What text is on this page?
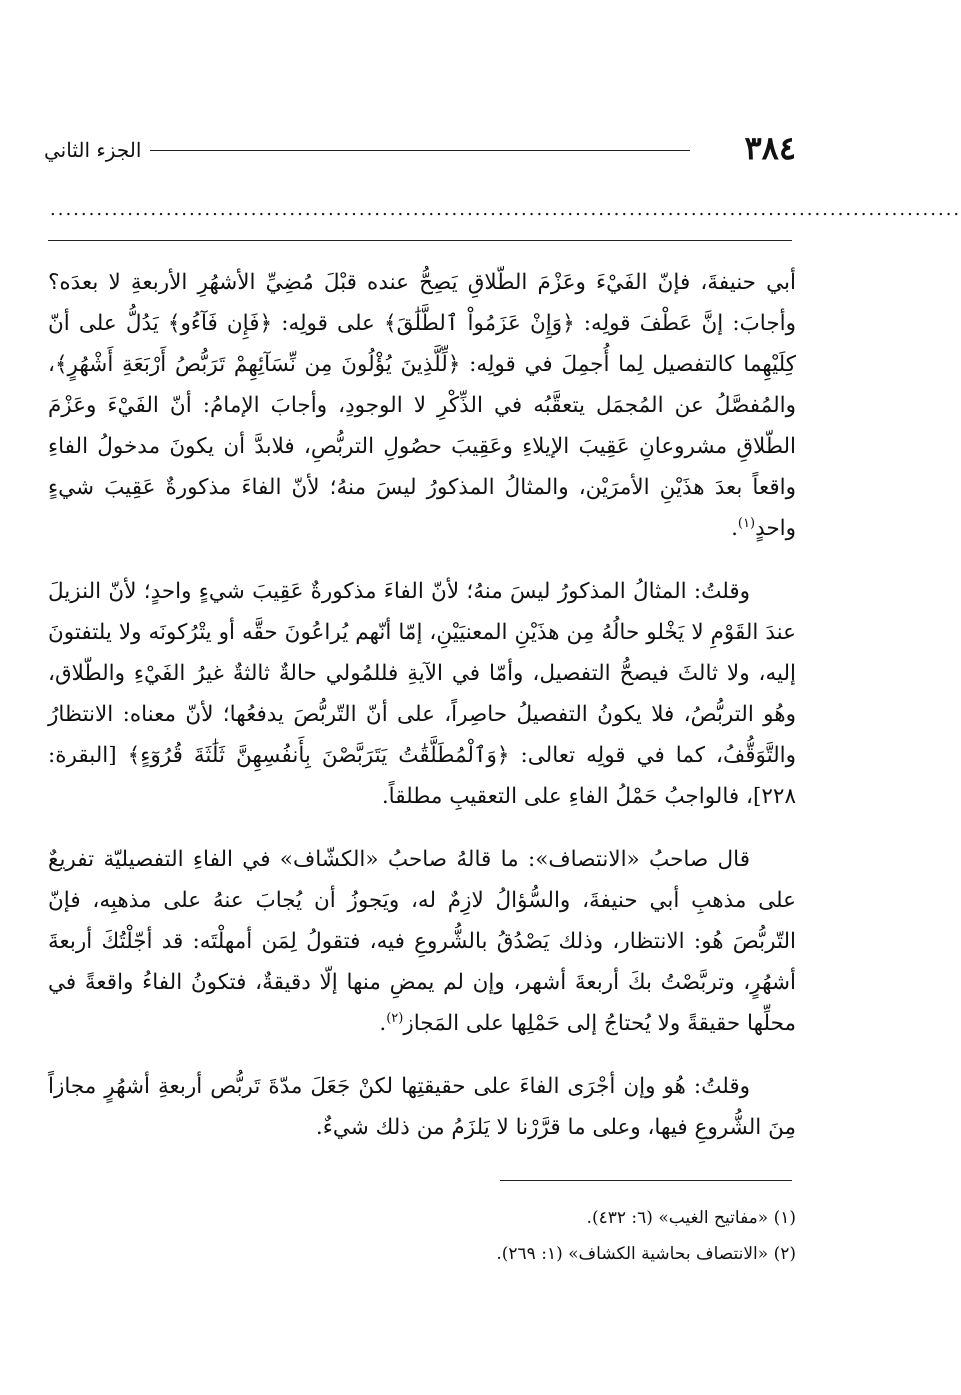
٣٨٤
الجزء الثاني
......................................................................................................................

أبي حنيفةَ، فإنّ الفَيْءَ وعَزْمَ الطّلاقِ يَصِحُّ عنده قبْلَ مُضِيِّ الأشهُرِ الأربعةِ لا بعدَه؟ وأجابَ: إنَّ عَطْفَ قولِه: ﴿وَإِنْ عَزَمُواْ ٱلطَّلَٰقَ﴾ على قولِه: ﴿فَإِن فَآءُو﴾ يَدُلُّ على أنّ كِلَيْهِما كالتفصيل لِما أُجمِلَ في قولِه: ﴿لِّلَّذِينَ يُؤْلُونَ مِن نِّسَآئِهِمْ تَرَبُّصُ أَرْبَعَةِ أَشْهُرٍ﴾، والمُفصَّلُ عن المُجمَل يتعقَّبُه في الذِّكْرِ لا الوجودِ، وأجابَ الإمامُ: أنّ الفَيْءَ وعَزْمَ الطّلاقِ مشروعانِ عَقِيبَ الإيلاءِ وعَقِيبَ حصُولِ التربُّصِ، فلابدَّ أن يكونَ مدخولُ الفاءِ واقعاً بعدَ هذَيْنِ الأمرَيْن، والمثالُ المذكورُ ليسَ منهُ؛ لأنّ الفاءَ مذكورةٌ عَقِيبَ شيءٍ واحدٍ$^{(١)}$.

وقلتُ: المثالُ المذكورُ ليسَ منهُ؛ لأنّ الفاءَ مذكورةٌ عَقِيبَ شيءٍ واحدٍ؛ لأنّ النزيلَ عندَ القَوْمِ لا يَخْلو حالُهُ مِن هذَيْنِ المعنيَيْنِ، إمّا أنّهم يُراعُونَ حقَّه أو يتْرُكونَه ولا يلتفتونَ إليه، ولا ثالثَ فيصحُّ التفصيل، وأمّا في الآيةِ فللمُولي حالةٌ ثالثةٌ غيرُ الفَيْءِ والطّلاق، وهُو التربُّصُ، فلا يكونُ التفصيلُ حاصِراً، على أنّ التّربُّصَ يدفعُها؛ لأنّ معناه: الانتظارُ والتَّوَقُّفُ، كما في قولِه تعالى: ﴿وَٱلْمُطَلَّقَٰتُ يَتَرَبَّصْنَ بِأَنفُسِهِنَّ ثَلَٰثَةَ قُرُوٓءٍ﴾ [البقرة: ٢٢٨]، فالواجبُ حَمْلُ الفاءِ على التعقيبِ مطلقاً.

قال صاحبُ «الانتصاف»: ما قالهُ صاحبُ «الكشّاف» في الفاءِ التفصيليّة تفريعٌ على مذهبِ أبي حنيفةَ، والسُّؤالُ لازِمٌ له، ويَجوزُ أن يُجابَ عنهُ على مذهبِه، فإنّ التّربُّصَ هُو: الانتظار، وذلك يَصْدُقُ بالشُّروعِ فيه، فتقولُ لِمَن أمهلْتَه: قد أجّلْتُكَ أربعةَ أشهُرٍ، وتربَّصْتُ بكَ أربعةَ أشهر، وإن لم يمضِ منها إلّا دقيقةٌ، فتكونُ الفاءُ واقعةً في محلِّها حقيقةً ولا يُحتاجُ إلى حَمْلِها على المَجاز$^{(٢)}$.

وقلتُ: هُو وإن أجْرَى الفاءَ على حقيقتِها لكنْ جَعَلَ مدّةَ تَربُّص أربعةِ أشهُرٍ مجازاً مِنَ الشُّروعِ فيها، وعلى ما قرَّرْنا لا يَلزَمُ من ذلك شيءٌ.

(١) «مفاتيح الغيب» (٦: ٤٣٢).
(٢) «الانتصاف بحاشية الكشاف» (١: ٢٦٩).
